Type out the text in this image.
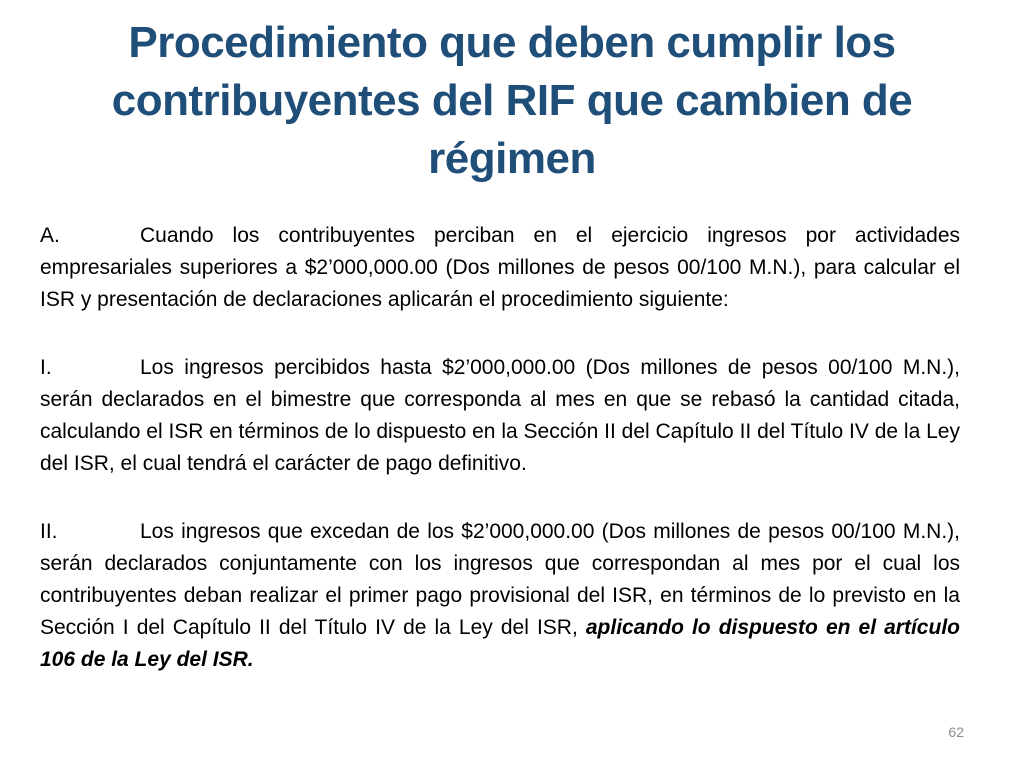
Procedimiento que deben cumplir los contribuyentes del RIF que cambien de régimen

A.	Cuando los contribuyentes perciban en el ejercicio ingresos por actividades empresariales superiores a $2’000,000.00 (Dos millones de pesos 00/100 M.N.), para calcular el ISR y presentación de declaraciones aplicarán el procedimiento siguiente:

I.	Los ingresos percibidos hasta $2’000,000.00 (Dos millones de pesos 00/100 M.N.), serán declarados en el bimestre que corresponda al mes en que se rebasó la cantidad citada, calculando el ISR en términos de lo dispuesto en la Sección II del Capítulo II del Título IV de la Ley del ISR, el cual tendrá el carácter de pago definitivo.

II.	Los ingresos que excedan de los $2’000,000.00 (Dos millones de pesos 00/100 M.N.), serán declarados conjuntamente con los ingresos que correspondan al mes por el cual los contribuyentes deban realizar el primer pago provisional del ISR, en términos de lo previsto en la Sección I del Capítulo II del Título IV de la Ley del ISR, aplicando lo dispuesto en el artículo 106 de la Ley del ISR.

62
